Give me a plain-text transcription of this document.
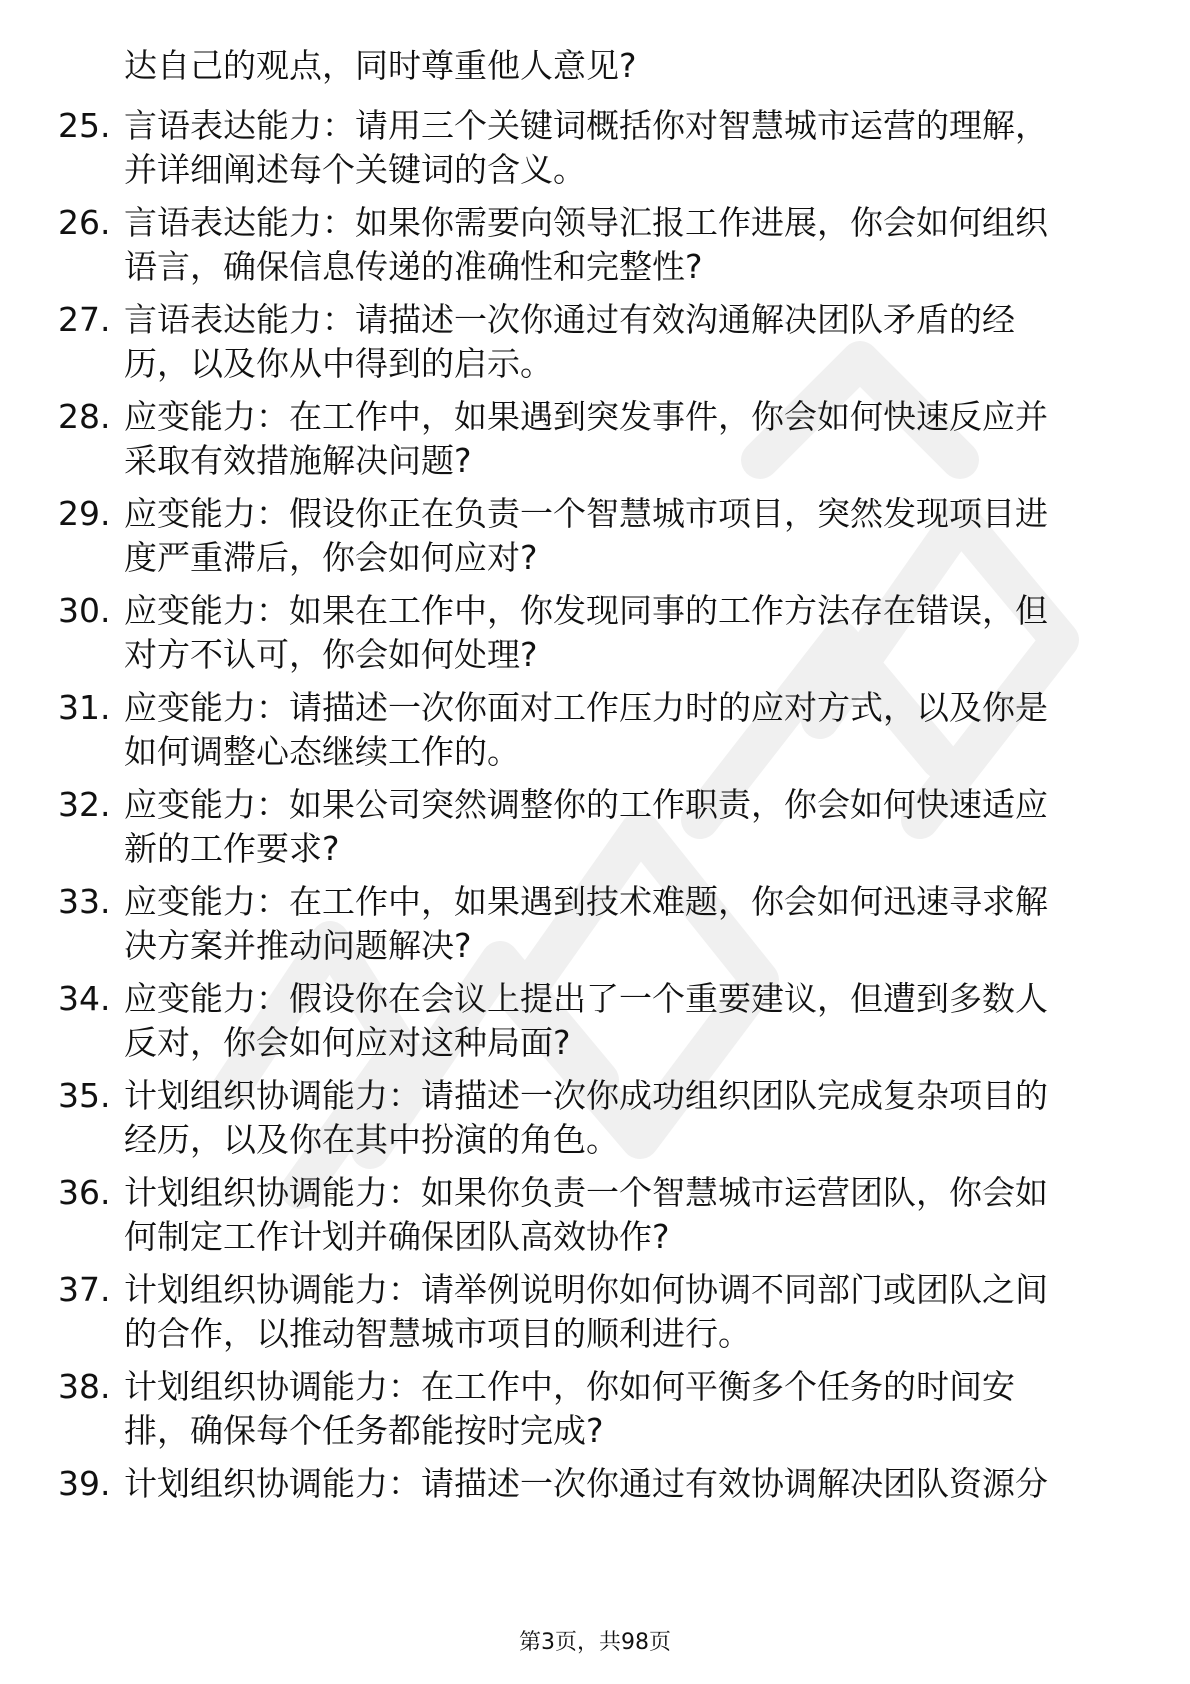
达自己的观点，同时尊重他人意见?
25. 言语表达能力：请用三个关键词概括你对智慧城市运营的理解，
并详细阐述每个关键词的含义。
26. 言语表达能力：如果你需要向领导汇报工作进展，你会如何组织
语言，确保信息传递的准确性和完整性?
27. 言语表达能力：请描述一次你通过有效沟通解决团队矛盾的经
历，以及你从中得到的启示。
28. 应变能力：在工作中，如果遇到突发事件，你会如何快速反应并
采取有效措施解决问题?
29. 应变能力：假设你正在负责一个智慧城市项目，突然发现项目进
度严重滞后，你会如何应对?
30. 应变能力：如果在工作中，你发现同事的工作方法存在错误，但
对方不认可，你会如何处理?
31. 应变能力：请描述一次你面对工作压力时的应对方式，以及你是
如何调整心态继续工作的。
32. 应变能力：如果公司突然调整你的工作职责，你会如何快速适应
新的工作要求?
33. 应变能力：在工作中，如果遇到技术难题，你会如何迅速寻求解
决方案并推动问题解决?
34. 应变能力：假设你在会议上提出了一个重要建议，但遭到多数人
反对，你会如何应对这种局面?
35. 计划组织协调能力：请描述一次你成功组织团队完成复杂项目的
经历，以及你在其中扮演的角色。
36. 计划组织协调能力：如果你负责一个智慧城市运营团队，你会如
何制定工作计划并确保团队高效协作?
37. 计划组织协调能力：请举例说明你如何协调不同部门或团队之间
的合作，以推动智慧城市项目的顺利进行。
38. 计划组织协调能力：在工作中，你如何平衡多个任务的时间安
排，确保每个任务都能按时完成?
39. 计划组织协调能力：请描述一次你通过有效协调解决团队资源分
第3页，共98页
